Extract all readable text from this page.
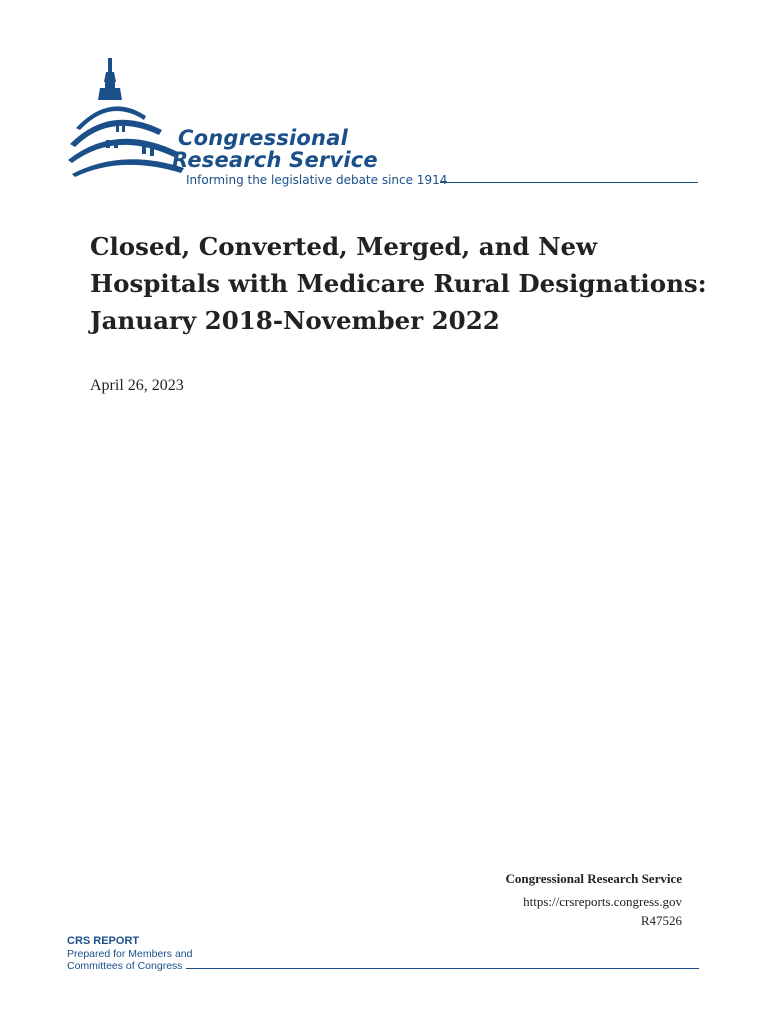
Congressional
Research Service
Informing the legislative debate since 1914
Closed, Converted, Merged, and New
Hospitals with Medicare Rural Designations:
January 2018-November 2022
April 26, 2023
Congressional Research Service
https://crsreports.congress.gov
R47526
CRS REPORT
Prepared for Members and
Committees of Congress
